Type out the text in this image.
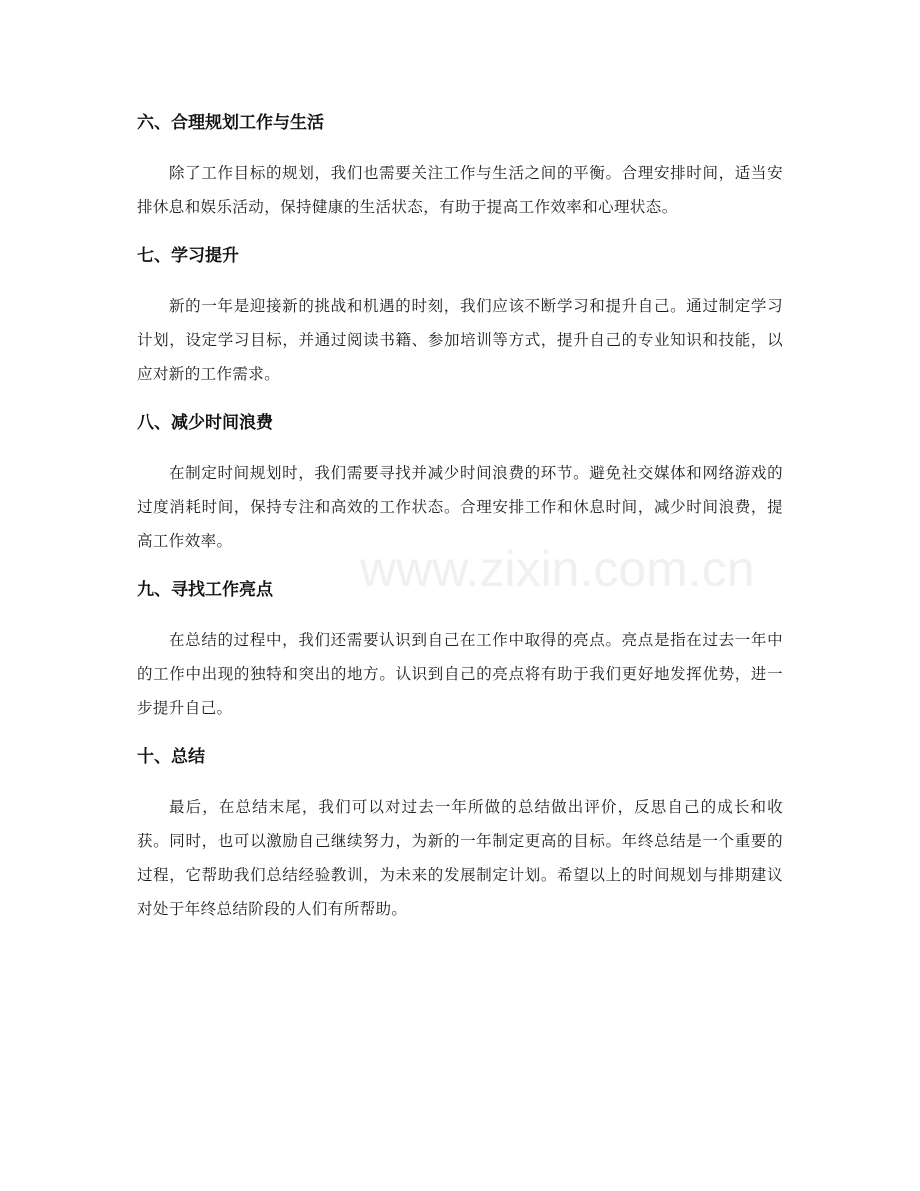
六、合理规划工作与生活

除了工作目标的规划，我们也需要关注工作与生活之间的平衡。合理安排时间，适当安排休息和娱乐活动，保持健康的生活状态，有助于提高工作效率和心理状态。

七、学习提升

新的一年是迎接新的挑战和机遇的时刻，我们应该不断学习和提升自己。通过制定学习计划，设定学习目标，并通过阅读书籍、参加培训等方式，提升自己的专业知识和技能，以应对新的工作需求。

八、减少时间浪费

在制定时间规划时，我们需要寻找并减少时间浪费的环节。避免社交媒体和网络游戏的过度消耗时间，保持专注和高效的工作状态。合理安排工作和休息时间，减少时间浪费，提高工作效率。

九、寻找工作亮点

在总结的过程中，我们还需要认识到自己在工作中取得的亮点。亮点是指在过去一年中的工作中出现的独特和突出的地方。认识到自己的亮点将有助于我们更好地发挥优势，进一步提升自己。

十、总结

最后，在总结末尾，我们可以对过去一年所做的总结做出评价，反思自己的成长和收获。同时，也可以激励自己继续努力，为新的一年制定更高的目标。年终总结是一个重要的过程，它帮助我们总结经验教训，为未来的发展制定计划。希望以上的时间规划与排期建议对处于年终总结阶段的人们有所帮助。

www.zixin.com.cn
